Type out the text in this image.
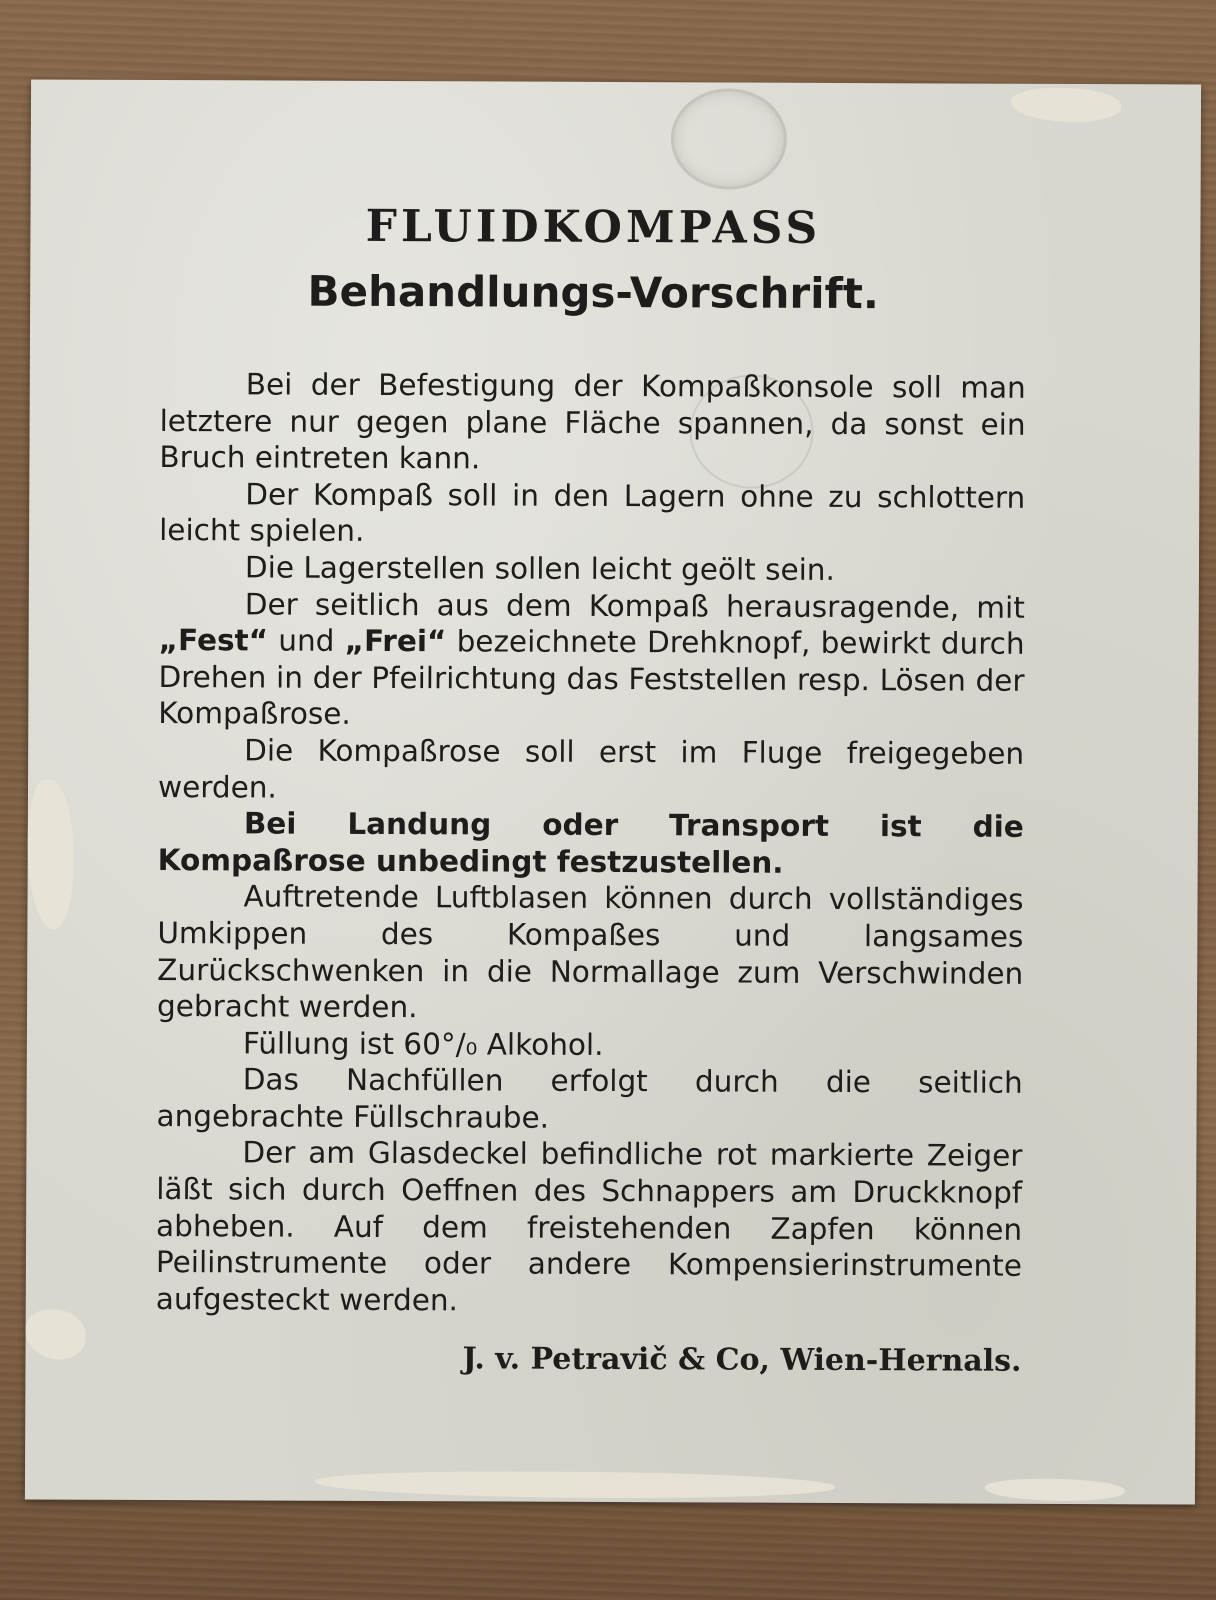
FLUIDKOMPASS
Behandlungs-Vorschrift.

Bei der Befestigung der Kompaßkonsole soll man letztere nur gegen plane Fläche spannen, da sonst ein Bruch eintreten kann.

Der Kompaß soll in den Lagern ohne zu schlottern leicht spielen.

Die Lagerstellen sollen leicht geölt sein.

Der seitlich aus dem Kompaß herausragende, mit „Fest“ und „Frei“ bezeichnete Drehknopf, bewirkt durch Drehen in der Pfeilrichtung das Feststellen resp. Lösen der Kompaßrose.

Die Kompaßrose soll erst im Fluge freigegeben werden.

Bei Landung oder Transport ist die Kompaßrose unbedingt festzustellen.

Auftretende Luftblasen können durch vollständiges Umkippen des Kompaßes und langsames Zurückschwenken in die Normallage zum Verschwinden gebracht werden.

Füllung ist 60°/₀ Alkohol.

Das Nachfüllen erfolgt durch die seitlich angebrachte Füllschraube.

Der am Glasdeckel befindliche rot markierte Zeiger läßt sich durch Oeffnen des Schnappers am Druckknopf abheben. Auf dem freistehenden Zapfen können Peilinstrumente oder andere Kompensierinstrumente aufgesteckt werden.

J. v. Petravič & Co, Wien-Hernals.
